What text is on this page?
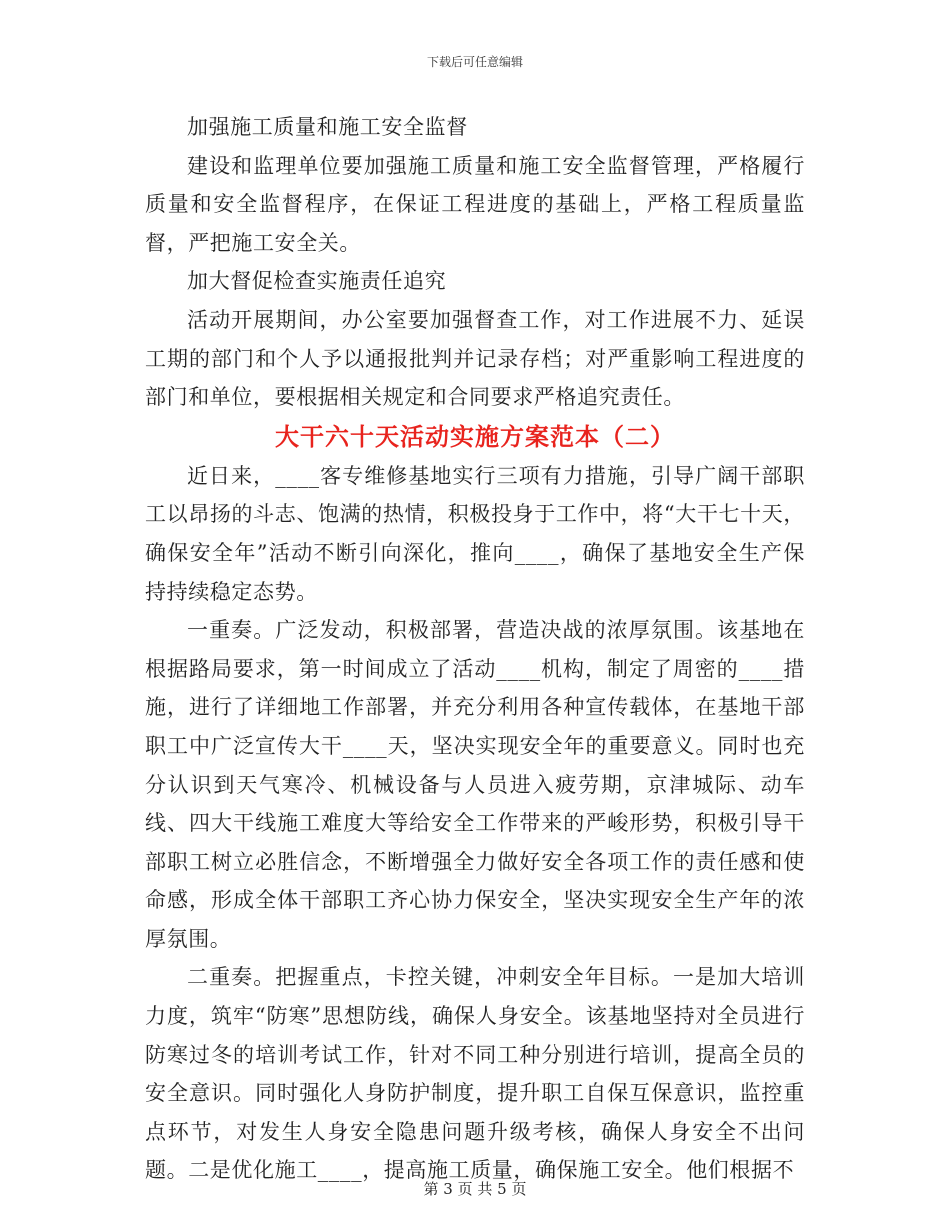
下载后可任意编辑

加强施工质量和施工安全监督

建设和监理单位要加强施工质量和施工安全监督管理，严格履行质量和安全监督程序，在保证工程进度的基础上，严格工程质量监督，严把施工安全关。

加大督促检查实施责任追究

活动开展期间，办公室要加强督查工作，对工作进展不力、延误工期的部门和个人予以通报批判并记录存档；对严重影响工程进度的部门和单位，要根据相关规定和合同要求严格追究责任。

大干六十天活动实施方案范本（二）

近日来，____客专维修基地实行三项有力措施，引导广阔干部职工以昂扬的斗志、饱满的热情，积极投身于工作中，将“大干七十天，确保安全年”活动不断引向深化，推向____，确保了基地安全生产保持持续稳定态势。

一重奏。广泛发动，积极部署，营造决战的浓厚氛围。该基地在根据路局要求，第一时间成立了活动____机构，制定了周密的____措施，进行了详细地工作部署，并充分利用各种宣传载体，在基地干部职工中广泛宣传大干____天，坚决实现安全年的重要意义。同时也充分认识到天气寒冷、机械设备与人员进入疲劳期，京津城际、动车线、四大干线施工难度大等给安全工作带来的严峻形势，积极引导干部职工树立必胜信念，不断增强全力做好安全各项工作的责任感和使命感，形成全体干部职工齐心协力保安全，坚决实现安全生产年的浓厚氛围。

二重奏。把握重点，卡控关键，冲刺安全年目标。一是加大培训力度，筑牢“防寒”思想防线，确保人身安全。该基地坚持对全员进行防寒过冬的培训考试工作，针对不同工种分别进行培训，提高全员的安全意识。同时强化人身防护制度，提升职工自保互保意识，监控重点环节，对发生人身安全隐患问题升级考核，确保人身安全不出问题。二是优化施工____，提高施工质量，确保施工安全。他们根据不

第 3 页 共 5 页
